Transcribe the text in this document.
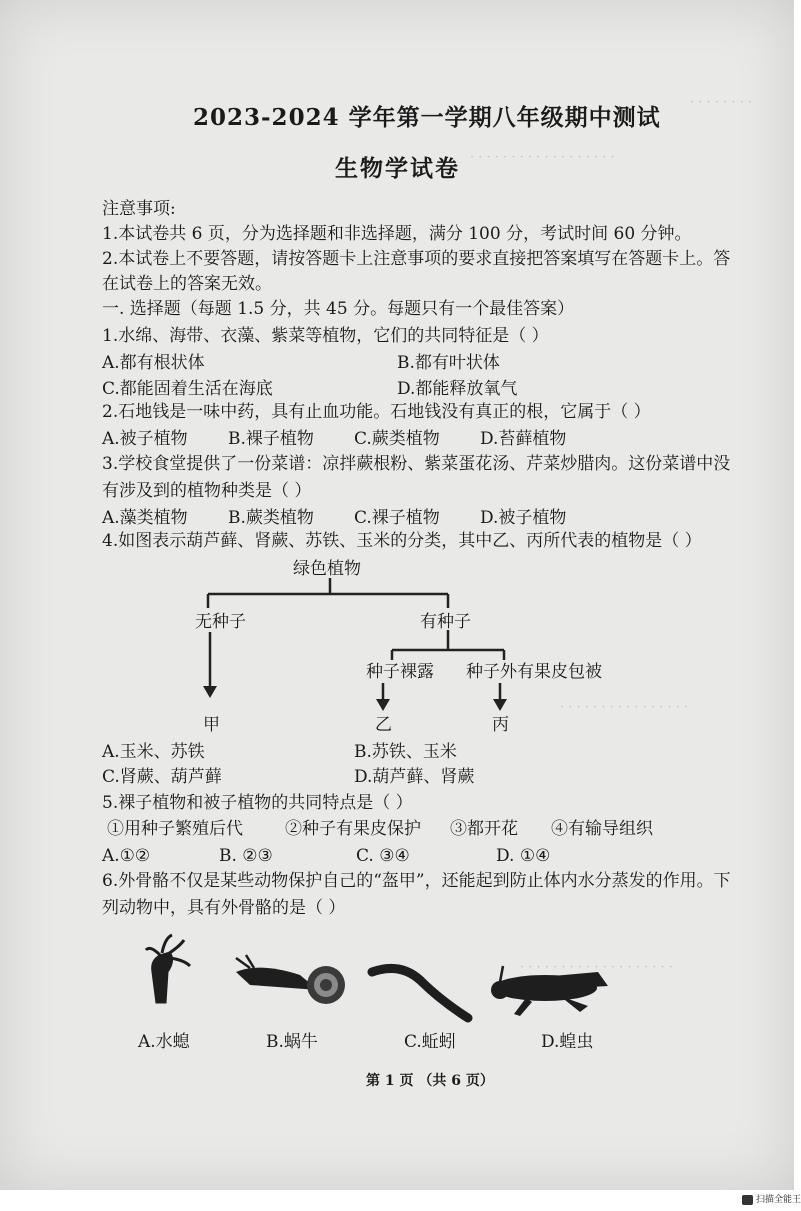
· · · · · · · ·
· · · · · · · · · · · · · · · · · ·
· · · · · · · · · · · · · · · ·
· · · · · · · · · · · · · · · · · · ·
2023-2024 学年第一学期八年级期中测试
生物学试卷
注意事项:
1.本试卷共 6 页，分为选择题和非选择题，满分 100 分，考试时间 60 分钟。
2.本试卷上不要答题，请按答题卡上注意事项的要求直接把答案填写在答题卡上。答
在试卷上的答案无效。
一. 选择题（每题 1.5 分，共 45 分。每题只有一个最佳答案）
1.水绵、海带、衣藻、紫菜等植物，它们的共同特征是（ ）
A.都有根状体	B.都有叶状体
C.都能固着生活在海底	D.都能释放氧气
2.石地钱是一味中药，具有止血功能。石地钱没有真正的根，它属于（ ）
A.被子植物 B.裸子植物 C.蕨类植物 D.苔藓植物
3.学校食堂提供了一份菜谱：凉拌蕨根粉、紫菜蛋花汤、芹菜炒腊肉。这份菜谱中没
有涉及到的植物种类是（ ）
A.藻类植物 B.蕨类植物 C.裸子植物 D.被子植物
4.如图表示葫芦藓、肾蕨、苏铁、玉米的分类，其中乙、丙所代表的植物是（ ）
绿色植物
无种子	有种子
种子裸露 种子外有果皮包被
甲	乙	丙
A.玉米、苏铁	B.苏铁、玉米
C.肾蕨、葫芦藓	D.葫芦藓、肾蕨
5.裸子植物和被子植物的共同特点是（ ）
①用种子繁殖后代 ②种子有果皮保护 ③都开花 ④有输导组织
A.①②	B. ②③	C. ③④	D. ①④
6.外骨骼不仅是某些动物保护自己的“盔甲”，还能起到防止体内水分蒸发的作用。下
列动物中，具有外骨骼的是（ ）
A.水螅	B.蜗牛	C.蚯蚓	D.蝗虫
第 1 页 （共 6 页）
扫描全能王
